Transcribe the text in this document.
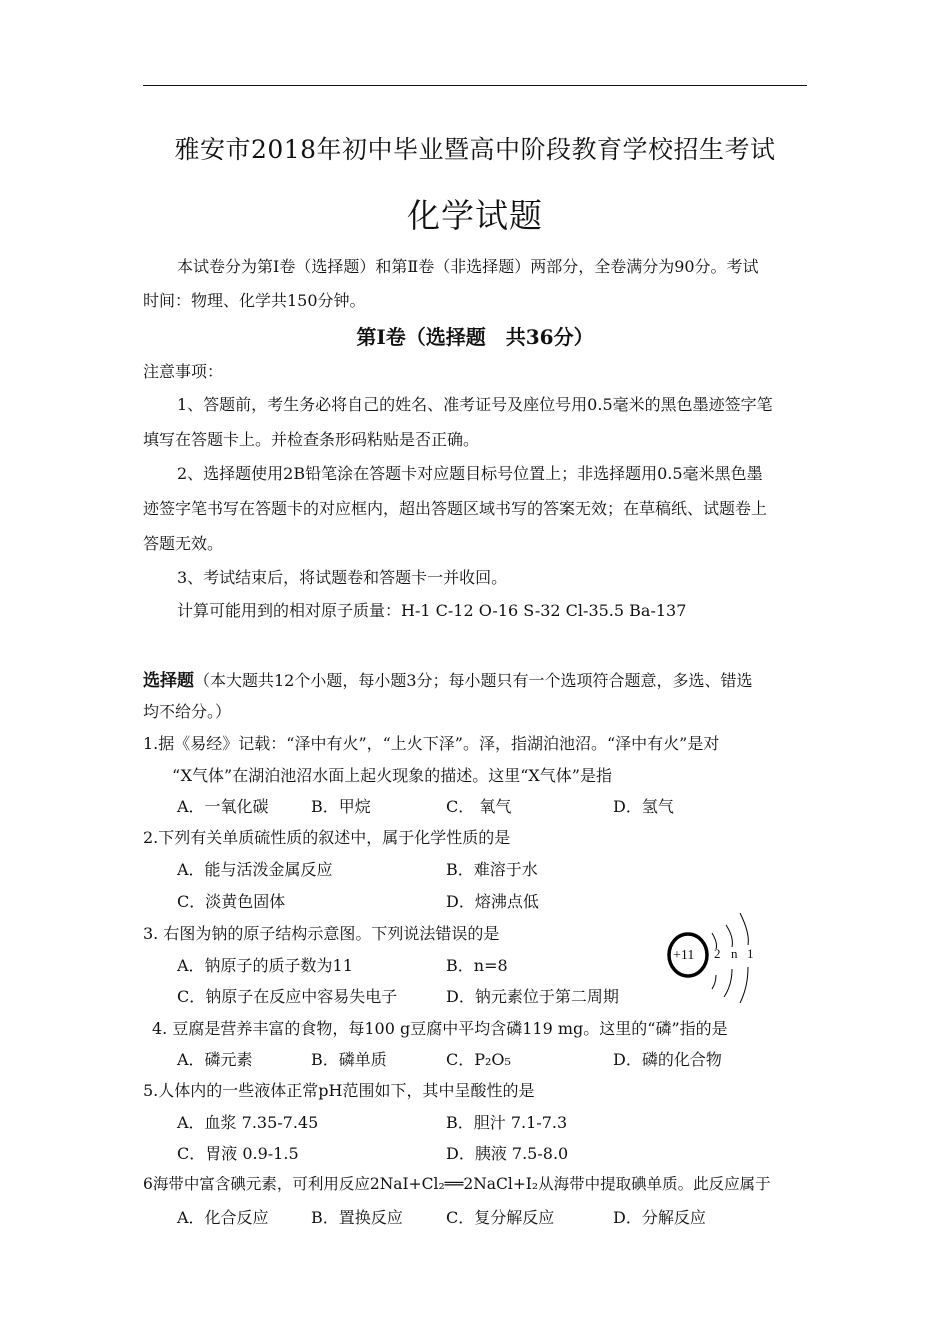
雅安市2018年初中毕业暨高中阶段教育学校招生考试
化学试题
本试卷分为第Ⅰ卷（选择题）和第Ⅱ卷（非选择题）两部分，全卷满分为90分。考试
时间：物理、化学共150分钟。
第Ⅰ卷（选择题　共36分）
注意事项：
1、答题前，考生务必将自己的姓名、准考证号及座位号用0.5毫米的黑色墨迹签字笔
填写在答题卡上。并检查条形码粘贴是否正确。
2、选择题使用2B铅笔涂在答题卡对应题目标号位置上；非选择题用0.5毫米黑色墨
迹签字笔书写在答题卡的对应框内，超出答题区域书写的答案无效；在草稿纸、试题卷上
答题无效。
3、考试结束后，将试题卷和答题卡一并收回。
计算可能用到的相对原子质量：H-1 C-12 O-16 S-32 Cl-35.5 Ba-137
选择题（本大题共12个小题，每小题3分；每小题只有一个选项符合题意，多选、错选
均不给分。）
1.据《易经》记载：“泽中有火”，“上火下泽”。泽，指湖泊池沼。“泽中有火”是对
“X气体”在湖泊池沼水面上起火现象的描述。这里“X气体”是指
A．一氧化碳	B．甲烷	C． 氧气	D．氢气
2.下列有关单质硫性质的叙述中，属于化学性质的是
A．能与活泼金属反应	B．难溶于水
C．淡黄色固体	D．熔沸点低
3. 右图为钠的原子结构示意图。下列说法错误的是
A．钠原子的质子数为11	B．n=8
C．钠原子在反应中容易失电子	D．钠元素位于第二周期
+11 2 n 1
4. 豆腐是营养丰富的食物，每100 g豆腐中平均含磷119 mg。这里的“磷”指的是
A．磷元素	B．磷单质	C．P₂O₅	D．磷的化合物
5.人体内的一些液体正常pH范围如下，其中呈酸性的是
A．血浆 7.35-7.45	B．胆汁 7.1-7.3
C．胃液 0.9-1.5	D．胰液 7.5-8.0
6海带中富含碘元素，可利用反应2NaI+Cl₂══2NaCl+I₂从海带中提取碘单质。此反应属于
A．化合反应	B．置换反应	C．复分解反应	D．分解反应
